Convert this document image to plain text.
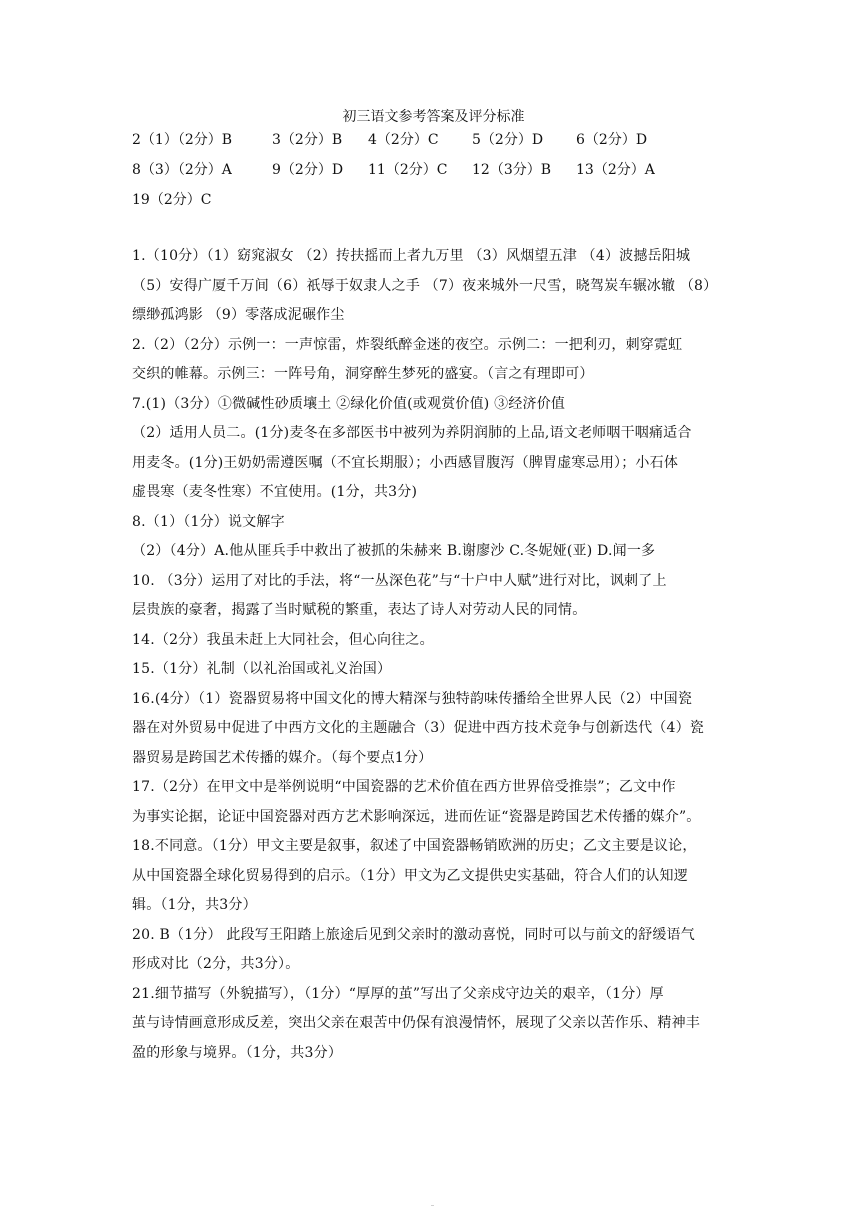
初三语文参考答案及评分标准
2（1）（2分）B	3（2分）B 4（2分）C 5（2分）D 6（2分）D
8（3）（2分）A	9（2分）D 11（2分）C 12（3分）B 13（2分）A
19（2分）C
1.（10分）（1）窈窕淑女 （2）抟扶摇而上者九万里 （3）风烟望五津 （4）波撼岳阳城
（5）安得广厦千万间（6）祇辱于奴隶人之手 （7）夜来城外一尺雪，晓驾炭车辗冰辙 （8）
缥缈孤鸿影 （9）零落成泥碾作尘
2.（2）（2分）示例一：一声惊雷，炸裂纸醉金迷的夜空。示例二：一把利刃，刺穿霓虹
交织的帷幕。示例三：一阵号角，洞穿醉生梦死的盛宴。（言之有理即可）
7.(1)（3分）①微碱性砂质壤土 ②绿化价值(或观赏价值) ③经济价值
（2）适用人员二。(1分)麦冬在多部医书中被列为养阴润肺的上品,语文老师咽干咽痛适合
用麦冬。(1分)王奶奶需遵医嘱（不宜长期服）；小西感冒腹泻（脾胃虚寒忌用）；小石体
虚畏寒（麦冬性寒）不宜使用。(1分，共3分)
8.（1）（1分）说文解字
（2）（4分）A.他从匪兵手中救出了被抓的朱赫来 B.谢廖沙 C.冬妮娅(亚) D.闻一多
10. （3分）运用了对比的手法，将“一丛深色花”与“十户中人赋”进行对比，讽刺了上
层贵族的豪奢，揭露了当时赋税的繁重，表达了诗人对劳动人民的同情。
14.（2分）我虽未赶上大同社会，但心向往之。
15.（1分）礼制（以礼治国或礼义治国）
16.(4分）（1）瓷器贸易将中国文化的博大精深与独特韵味传播给全世界人民（2）中国瓷
器在对外贸易中促进了中西方文化的主题融合（3）促进中西方技术竞争与创新迭代（4）瓷
器贸易是跨国艺术传播的媒介。（每个要点1分）
17.（2分）在甲文中是举例说明“中国瓷器的艺术价值在西方世界倍受推崇”；乙文中作
为事实论据，论证中国瓷器对西方艺术影响深远，进而佐证“瓷器是跨国艺术传播的媒介”。
18.不同意。（1分）甲文主要是叙事，叙述了中国瓷器畅销欧洲的历史；乙文主要是议论，
从中国瓷器全球化贸易得到的启示。（1分）甲文为乙文提供史实基础，符合人们的认知逻
辑。（1分，共3分）
20. B（1分） 此段写王阳踏上旅途后见到父亲时的激动喜悦，同时可以与前文的舒缓语气
形成对比（2分，共3分）。
21.细节描写（外貌描写），（1分）“厚厚的茧”写出了父亲戍守边关的艰辛，（1分）厚
茧与诗情画意形成反差，突出父亲在艰苦中仍保有浪漫情怀，展现了父亲以苦作乐、精神丰
盈的形象与境界。（1分，共3分）
